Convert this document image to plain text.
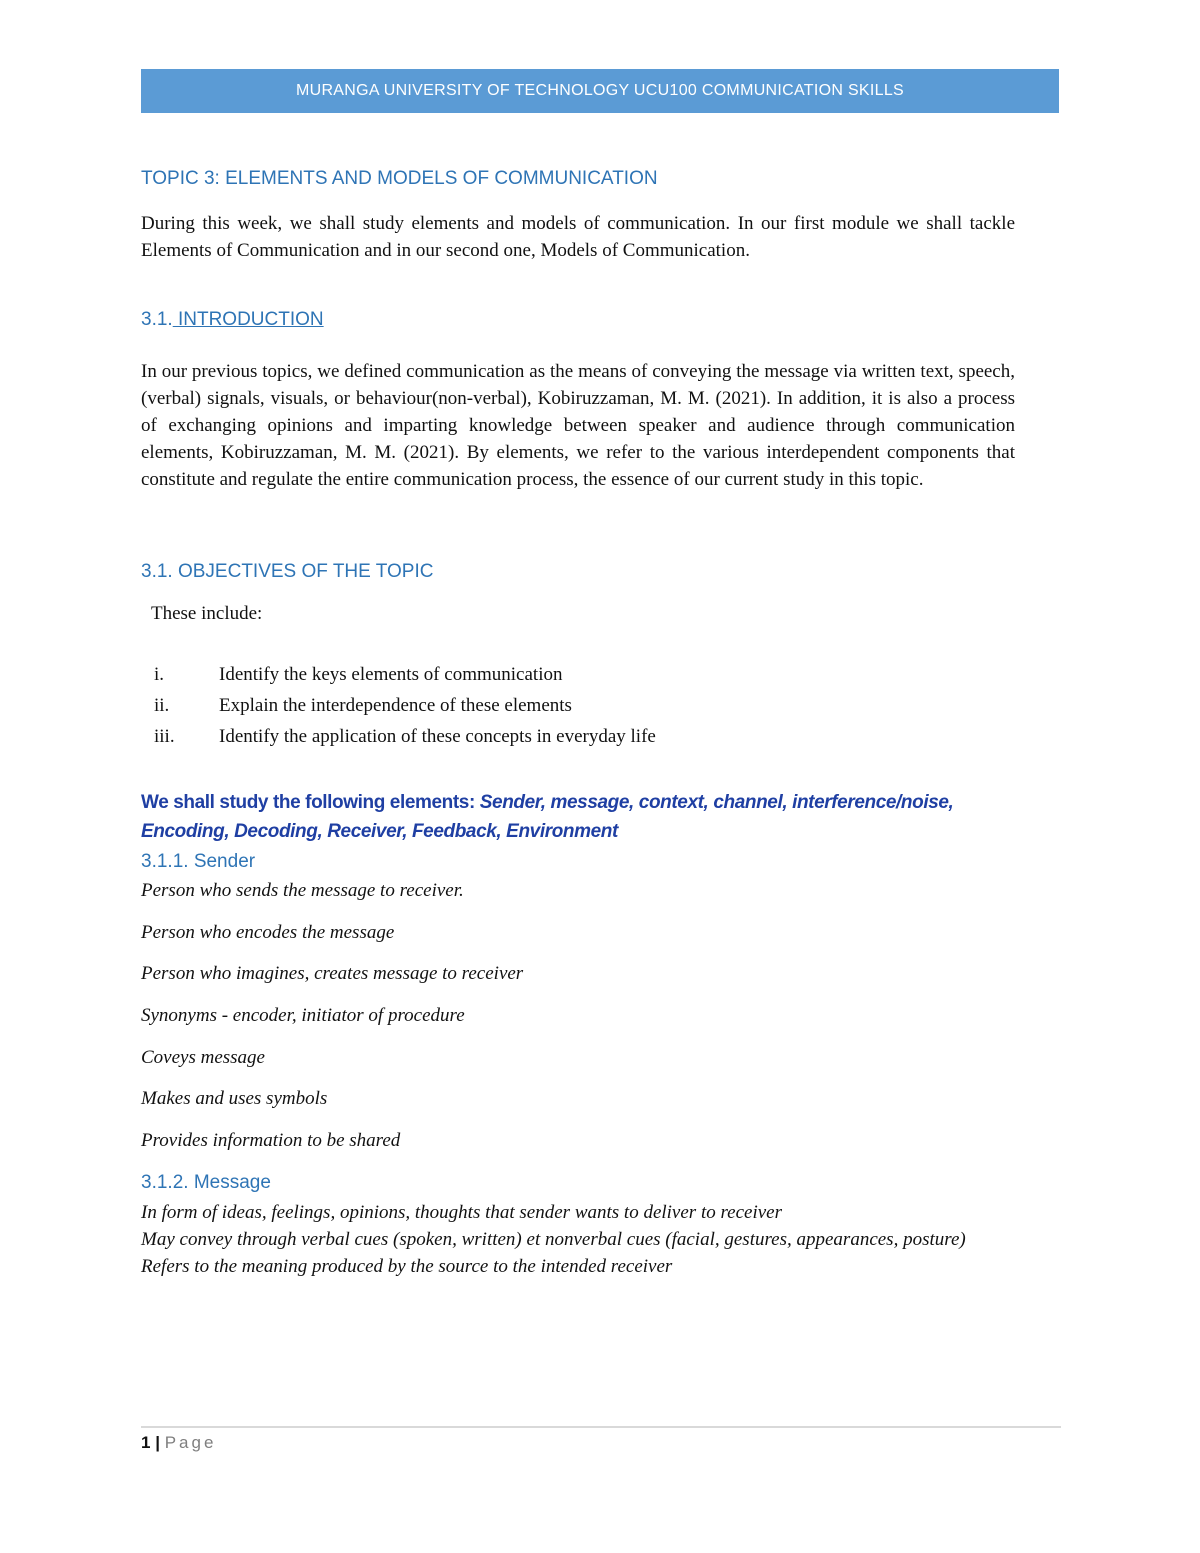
MURANGA UNIVERSITY OF TECHNOLOGY UCU100 COMMUNICATION SKILLS
TOPIC 3: ELEMENTS AND MODELS OF COMMUNICATION

During this week, we shall study elements and models of communication. In our first module we shall tackle Elements of Communication and in our second one, Models of Communication.

3.1. INTRODUCTION

In our previous topics, we defined communication as the means of conveying the message via written text, speech, (verbal) signals, visuals, or behaviour(non-verbal), Kobiruzzaman, M. M. (2021). In addition, it is also a process of exchanging opinions and imparting knowledge between speaker and audience through communication elements, Kobiruzzaman, M. M. (2021). By elements, we refer to the various interdependent components that constitute and regulate the entire communication process, the essence of our current study in this topic.

3.1. OBJECTIVES OF THE TOPIC
These include:
i.	Identify the keys elements of communication
ii.	Explain the interdependence of these elements
iii. Identify the application of these concepts in everyday life
We shall study the following elements: Sender, message, context, channel, interference/noise,
Encoding, Decoding, Receiver, Feedback, Environment
3.1.1. Sender
Person who sends the message to receiver.
Person who encodes the message
Person who imagines, creates message to receiver
Synonyms - encoder, initiator of procedure
Coveys message
Makes and uses symbols
Provides information to be shared
3.1.2. Message
In form of ideas, feelings, opinions, thoughts that sender wants to deliver to receiver
May convey through verbal cues (spoken, written) et nonverbal cues (facial, gestures, appearances, posture)
Refers to the meaning produced by the source to the intended receiver
1 | Page
